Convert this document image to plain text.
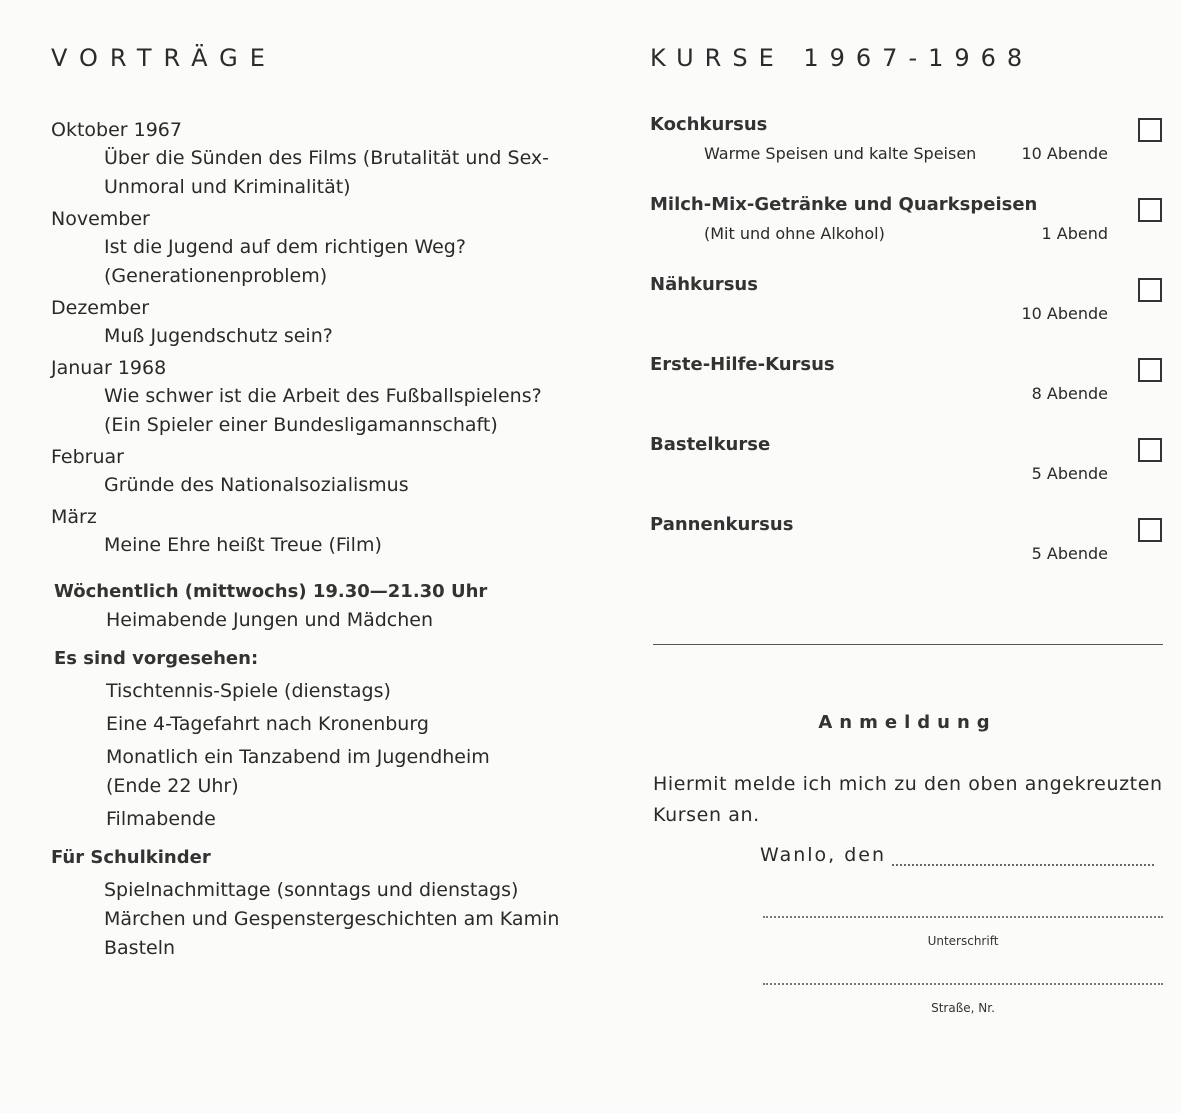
VORTRÄGE
Oktober 1967
Über die Sünden des Films (Brutalität und Sex-
Unmoral und Kriminalität)
November
Ist die Jugend auf dem richtigen Weg?
(Generationenproblem)
Dezember
Muß Jugendschutz sein?
Januar 1968
Wie schwer ist die Arbeit des Fußballspielens?
(Ein Spieler einer Bundesligamannschaft)
Februar
Gründe des Nationalsozialismus
März
Meine Ehre heißt Treue (Film)
Wöchentlich (mittwochs) 19.30—21.30 Uhr
Heimabende Jungen und Mädchen
Es sind vorgesehen:
Tischtennis-Spiele (dienstags)
Eine 4-Tagefahrt nach Kronenburg
Monatlich ein Tanzabend im Jugendheim
(Ende 22 Uhr)
Filmabende
Für Schulkinder
Spielnachmittage (sonntags und dienstags)
Märchen und Gespenstergeschichten am Kamin
Basteln
KURSE 1967-1968
Kochkursus
Warme Speisen und kalte Speisen	10 Abende
Milch-Mix-Getränke und Quarkspeisen
(Mit und ohne Alkohol)	1 Abend
Nähkursus
10 Abende
Erste-Hilfe-Kursus
8 Abende
Bastelkurse
5 Abende
Pannenkursus
5 Abende
Anmeldung
Hiermit melde ich mich zu den oben angekreuzten Kursen an.
Wanlo, den
Unterschrift
Straße, Nr.
